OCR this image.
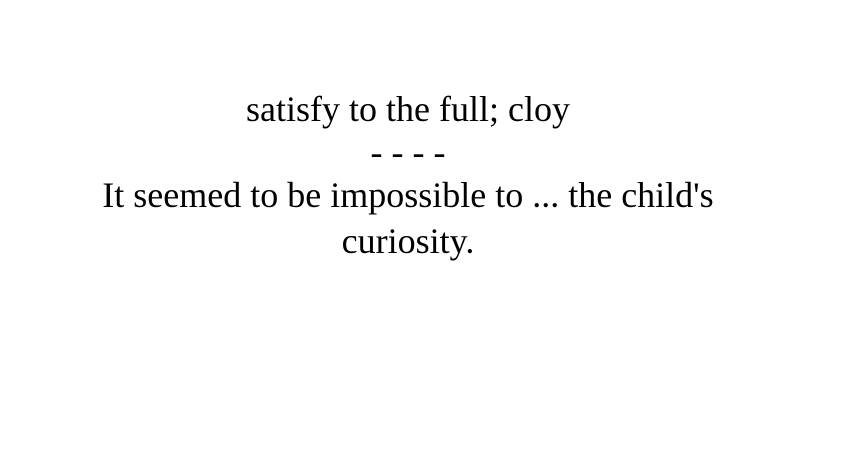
satisfy to the full; cloy
- - - -
It seemed to be impossible to ... the child's curiosity.
